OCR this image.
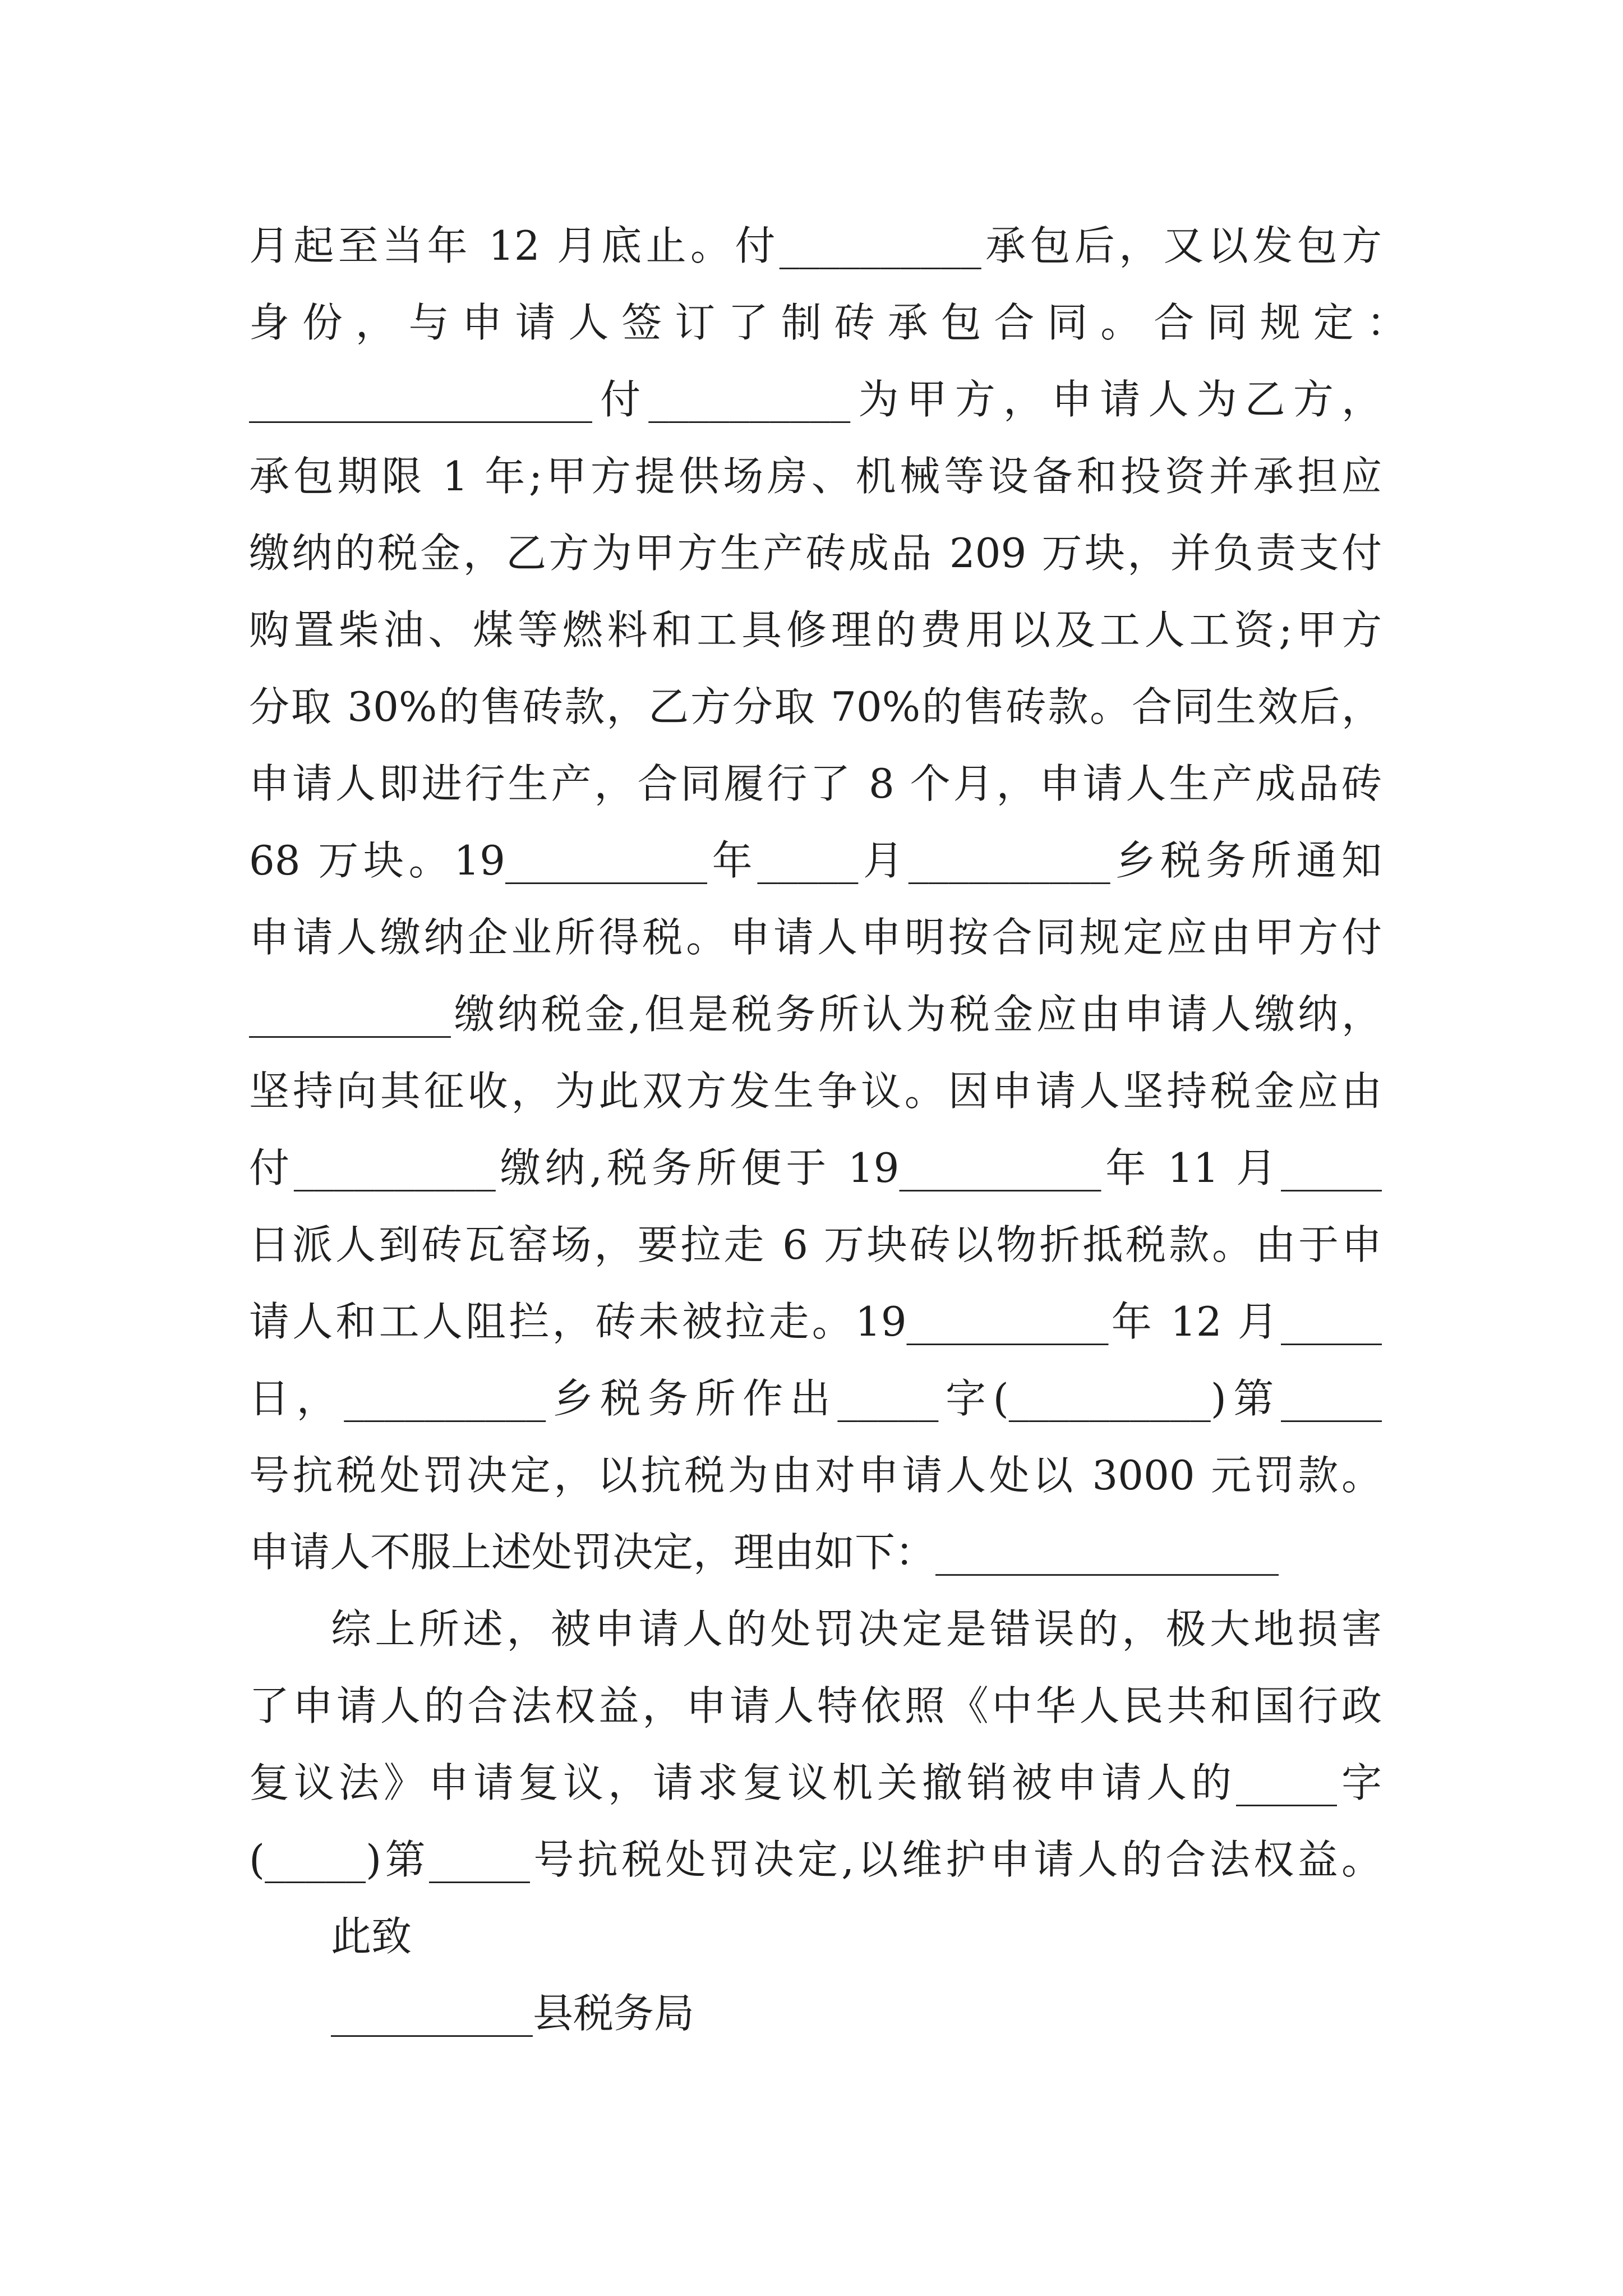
月起至当年 12 月底止。付__________承包后，又以发包方
身 份 ， 与 申 请 人 签 订 了 制 砖 承 包 合 同 。 合 同 规 定 ：
_________________付__________为甲方，申请人为乙方，
承包期限 1 年;甲方提供场房、机械等设备和投资并承担应
缴纳的税金，乙方为甲方生产砖成品 209 万块，并负责支付
购置柴油、煤等燃料和工具修理的费用以及工人工资;甲方
分取 30%的售砖款，乙方分取 70%的售砖款。合同生效后，
申请人即进行生产，合同履行了 8 个月，申请人生产成品砖
68 万块。19__________年_____月__________乡税务所通知
申请人缴纳企业所得税。申请人申明按合同规定应由甲方付
__________缴纳税金,但是税务所认为税金应由申请人缴纳，
坚持向其征收，为此双方发生争议。因申请人坚持税金应由
付__________缴纳,税务所便于 19__________年 11 月_____
日派人到砖瓦窑场，要拉走 6 万块砖以物折抵税款。由于申
请人和工人阻拦，砖未被拉走。19__________年 12 月_____
日，__________乡税务所作出_____字(__________)第_____
号抗税处罚决定，以抗税为由对申请人处以 3000 元罚款。
申请人不服上述处罚决定，理由如下：_________________
综上所述，被申请人的处罚决定是错误的，极大地损害
了申请人的合法权益，申请人特依照《中华人民共和国行政
复议法》申请复议，请求复议机关撤销被申请人的_____字
(_____)第_____号抗税处罚决定,以维护申请人的合法权益。
此致
__________县税务局
